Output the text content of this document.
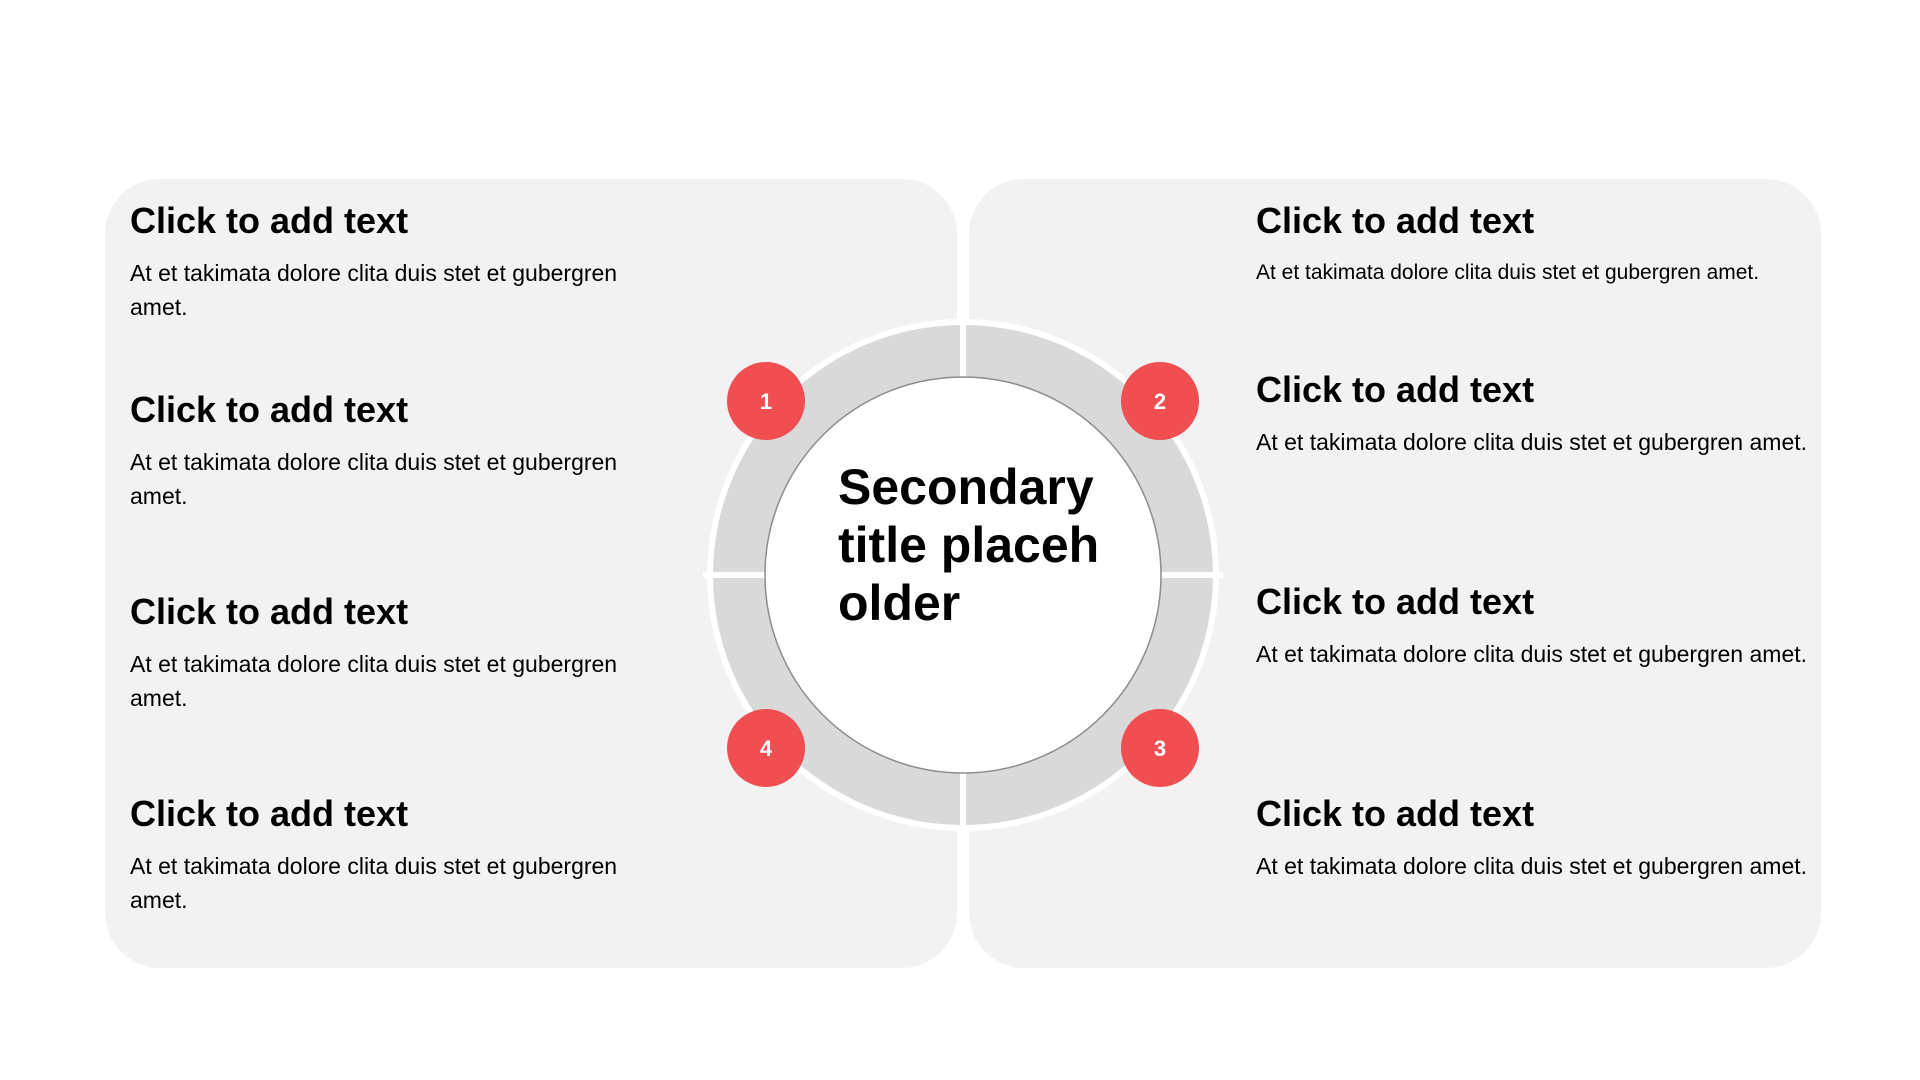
Click to add text
At et takimata dolore clita duis stet et gubergren amet.
Click to add text
At et takimata dolore clita duis stet et gubergren amet.
Click to add text
At et takimata dolore clita duis stet et gubergren amet.
Click to add text
At et takimata dolore clita duis stet et gubergren amet.
Click to add text
At et takimata dolore clita duis stet et gubergren amet.
Click to add text
At et takimata dolore clita duis stet et gubergren amet.
Click to add text
At et takimata dolore clita duis stet et gubergren amet.
Click to add text
At et takimata dolore clita duis stet et gubergren amet.
1	2
3
4
Secondary title placeholder
